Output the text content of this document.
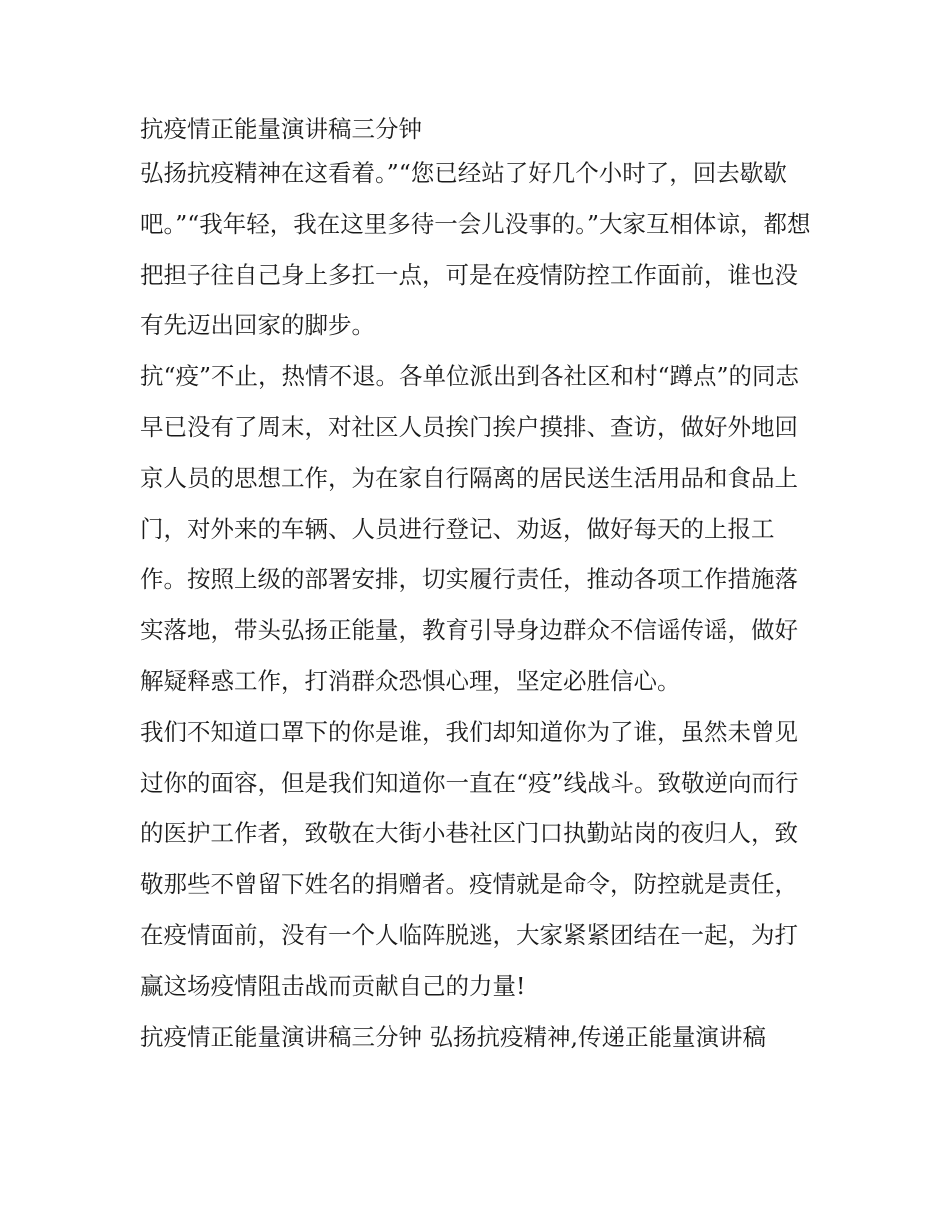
抗疫情正能量演讲稿三分钟

弘扬抗疫精神在这看着。”“您已经站了好几个小时了，回去歇歇吧。”“我年轻，我在这里多待一会儿没事的。”大家互相体谅，都想把担子往自己身上多扛一点，可是在疫情防控工作面前，谁也没有先迈出回家的脚步。

抗“疫”不止，热情不退。各单位派出到各社区和村“蹲点”的同志早已没有了周末，对社区人员挨门挨户摸排、查访，做好外地回京人员的思想工作，为在家自行隔离的居民送生活用品和食品上门，对外来的车辆、人员进行登记、劝返，做好每天的上报工作。按照上级的部署安排，切实履行责任，推动各项工作措施落实落地，带头弘扬正能量，教育引导身边群众不信谣传谣，做好解疑释惑工作，打消群众恐惧心理，坚定必胜信心。

我们不知道口罩下的你是谁，我们却知道你为了谁，虽然未曾见过你的面容，但是我们知道你一直在“疫”线战斗。致敬逆向而行的医护工作者，致敬在大街小巷社区门口执勤站岗的夜归人，致敬那些不曾留下姓名的捐赠者。疫情就是命令，防控就是责任，在疫情面前，没有一个人临阵脱逃，大家紧紧团结在一起，为打赢这场疫情阻击战而贡献自己的力量!

抗疫情正能量演讲稿三分钟 弘扬抗疫精神,传递正能量演讲稿
